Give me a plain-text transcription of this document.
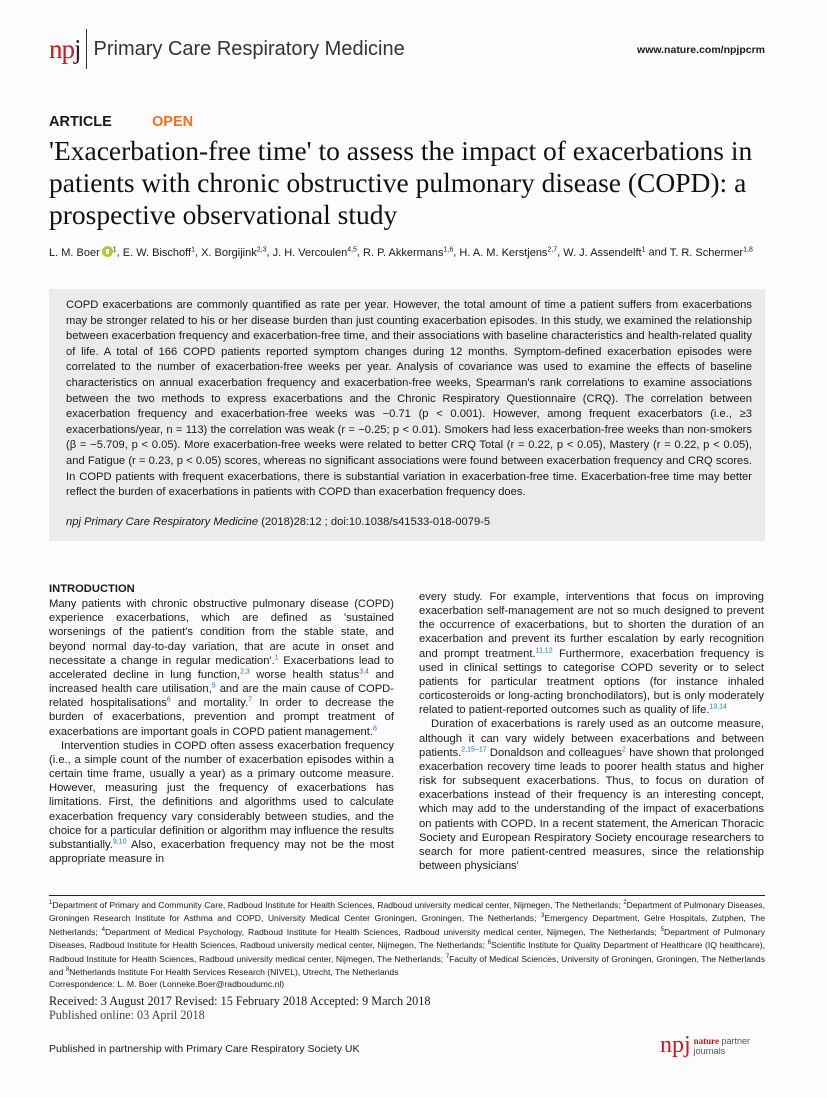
npj Primary Care Respiratory Medicine	www.nature.com/npjpcrm
ARTICLE	OPEN
'Exacerbation-free time' to assess the impact of exacerbations in patients with chronic obstructive pulmonary disease (COPD): a prospective observational study
L. M. Boer $^1$, E. W. Bischoff$^1$, X. Borgijink$^{2,3}$, J. H. Vercoulen$^{4,5}$, R. P. Akkermans$^{1,6}$, H. A. M. Kerstjens$^{2,7}$, W. J. Assendelft$^1$ and T. R. Schermer$^{1,8}$
COPD exacerbations are commonly quantified as rate per year. However, the total amount of time a patient suffers from exacerbations may be stronger related to his or her disease burden than just counting exacerbation episodes. In this study, we examined the relationship between exacerbation frequency and exacerbation-free time, and their associations with baseline characteristics and health-related quality of life. A total of 166 COPD patients reported symptom changes during 12 months. Symptom-defined exacerbation episodes were correlated to the number of exacerbation-free weeks per year. Analysis of covariance was used to examine the effects of baseline characteristics on annual exacerbation frequency and exacerbation-free weeks, Spearman's rank correlations to examine associations between the two methods to express exacerbations and the Chronic Respiratory Questionnaire (CRQ). The correlation between exacerbation frequency and exacerbation-free weeks was −0.71 (p < 0.001). However, among frequent exacerbators (i.e., ≥3 exacerbations/year, n = 113) the correlation was weak (r = −0.25; p < 0.01). Smokers had less exacerbation-free weeks than non-smokers (β = −5.709, p < 0.05). More exacerbation-free weeks were related to better CRQ Total (r = 0.22, p < 0.05), Mastery (r = 0.22, p < 0.05), and Fatigue (r = 0.23, p < 0.05) scores, whereas no significant associations were found between exacerbation frequency and CRQ scores. In COPD patients with frequent exacerbations, there is substantial variation in exacerbation-free time. Exacerbation-free time may better reflect the burden of exacerbations in patients with COPD than exacerbation frequency does.
npj Primary Care Respiratory Medicine (2018)28:12 ; doi:10.1038/s41533-018-0079-5
INTRODUCTION

Many patients with chronic obstructive pulmonary disease (COPD) experience exacerbations, which are defined as 'sustained worsenings of the patient's condition from the stable state, and beyond normal day-to-day variation, that are acute in onset and necessitate a change in regular medication'.$^1$ Exacerbations lead to accelerated decline in lung function,$^{2,3}$ worse health status$^{3,4}$ and increased health care utilisation,$^5$ and are the main cause of COPD-related hospitalisations$^6$ and mortality.$^7$ In order to decrease the burden of exacerbations, prevention and prompt treatment of exacerbations are important goals in COPD patient management.$^8$

Intervention studies in COPD often assess exacerbation frequency (i.e., a simple count of the number of exacerbation episodes within a certain time frame, usually a year) as a primary outcome measure. However, measuring just the frequency of exacerbations has limitations. First, the definitions and algorithms used to calculate exacerbation frequency vary considerably between studies, and the choice for a particular definition or algorithm may influence the results substantially.$^{9,10}$ Also, exacerbation frequency may not be the most appropriate measure in

every study. For example, interventions that focus on improving exacerbation self-management are not so much designed to prevent the occurrence of exacerbations, but to shorten the duration of an exacerbation and prevent its further escalation by early recognition and prompt treatment.$^{11,12}$ Furthermore, exacerbation frequency is used in clinical settings to categorise COPD severity or to select patients for particular treatment options (for instance inhaled corticosteroids or long-acting bronchodilators), but is only moderately related to patient-reported outcomes such as quality of life.$^{13,14}$

Duration of exacerbations is rarely used as an outcome measure, although it can vary widely between exacerbations and between patients.$^{2,15-17}$ Donaldson and colleagues$^2$ have shown that prolonged exacerbation recovery time leads to poorer health status and higher risk for subsequent exacerbations. Thus, to focus on duration of exacerbations instead of their frequency is an interesting concept, which may add to the understanding of the impact of exacerbations on patients with COPD. In a recent statement, the American Thoracic Society and European Respiratory Society encourage researchers to search for more patient-centred measures, since the relationship between physicians'

$^1$Department of Primary and Community Care, Radboud Institute for Health Sciences, Radboud university medical center, Nijmegen, The Netherlands; $^2$Department of Pulmonary Diseases, Groningen Research Institute for Asthma and COPD, University Medical Center Groningen, Groningen, The Netherlands; $^3$Emergency Department, Gelre Hospitals, Zutphen, The Netherlands; $^4$Department of Medical Psychology, Radboud Institute for Health Sciences, Radboud university medical center, Nijmegen, The Netherlands; $^5$Department of Pulmonary Diseases, Radboud Institute for Health Sciences, Radboud university medical center, Nijmegen, The Netherlands; $^6$Scientific Institute for Quality Department of Healthcare (IQ healthcare), Radboud Institute for Health Sciences, Radboud university medical center, Nijmegen, The Netherlands; $^7$Faculty of Medical Sciences, University of Groningen, Groningen, The Netherlands and $^8$Netherlands Institute For Health Services Research (NIVEL), Utrecht, The Netherlands
Correspondence: L. M. Boer (Lonneke.Boer@radboudumc.nl)
Received: 3 August 2017 Revised: 15 February 2018 Accepted: 9 March 2018
Published online: 03 April 2018
Published in partnership with Primary Care Respiratory Society UK	npj nature partner
journals
